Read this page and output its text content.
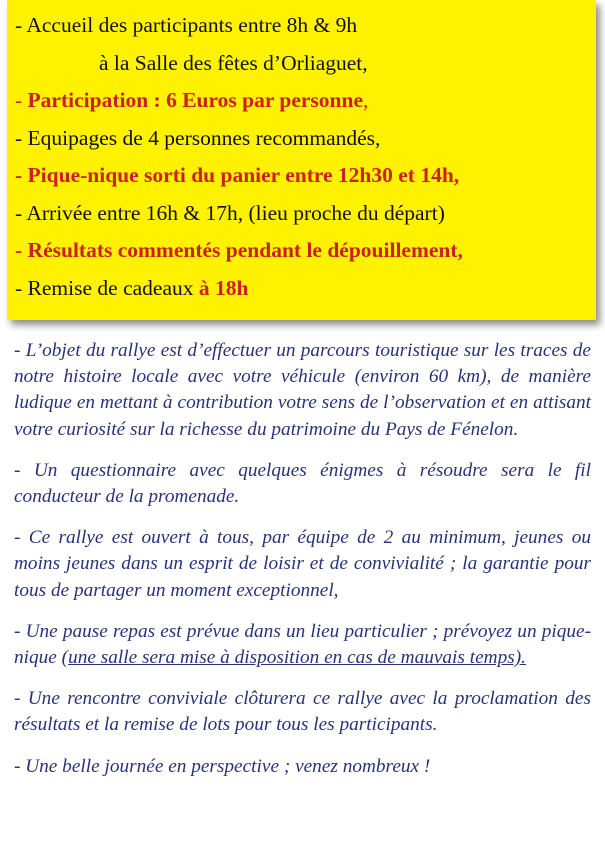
- Accueil des participants entre 8h & 9h
à la Salle des fêtes d’Orliaguet,
- Participation : 6 Euros par personne,
- Equipages de 4 personnes recommandés,
- Pique-nique sorti du panier entre 12h30 et 14h,
- Arrivée entre 16h & 17h, (lieu proche du départ)
- Résultats commentés pendant le dépouillement,
- Remise de cadeaux à 18h

- L’objet du rallye est d’effectuer un parcours touristique sur les traces de notre histoire locale avec votre véhicule (environ 60 km), de manière ludique en mettant à contribution votre sens de l’observation et en attisant votre curiosité sur la richesse du patrimoine du Pays de Fénelon.

- Un questionnaire avec quelques énigmes à résoudre sera le fil conducteur de la promenade.

- Ce rallye est ouvert à tous, par équipe de 2 au minimum, jeunes ou moins jeunes dans un esprit de loisir et de convivialité ; la garantie pour tous de partager un moment exceptionnel,

- Une pause repas est prévue dans un lieu particulier ; prévoyez un pique-nique (une salle sera mise à disposition en cas de mauvais temps).

- Une rencontre conviviale clôturera ce rallye avec la proclamation des résultats et la remise de lots pour tous les participants.

- Une belle journée en perspective ; venez nombreux !
